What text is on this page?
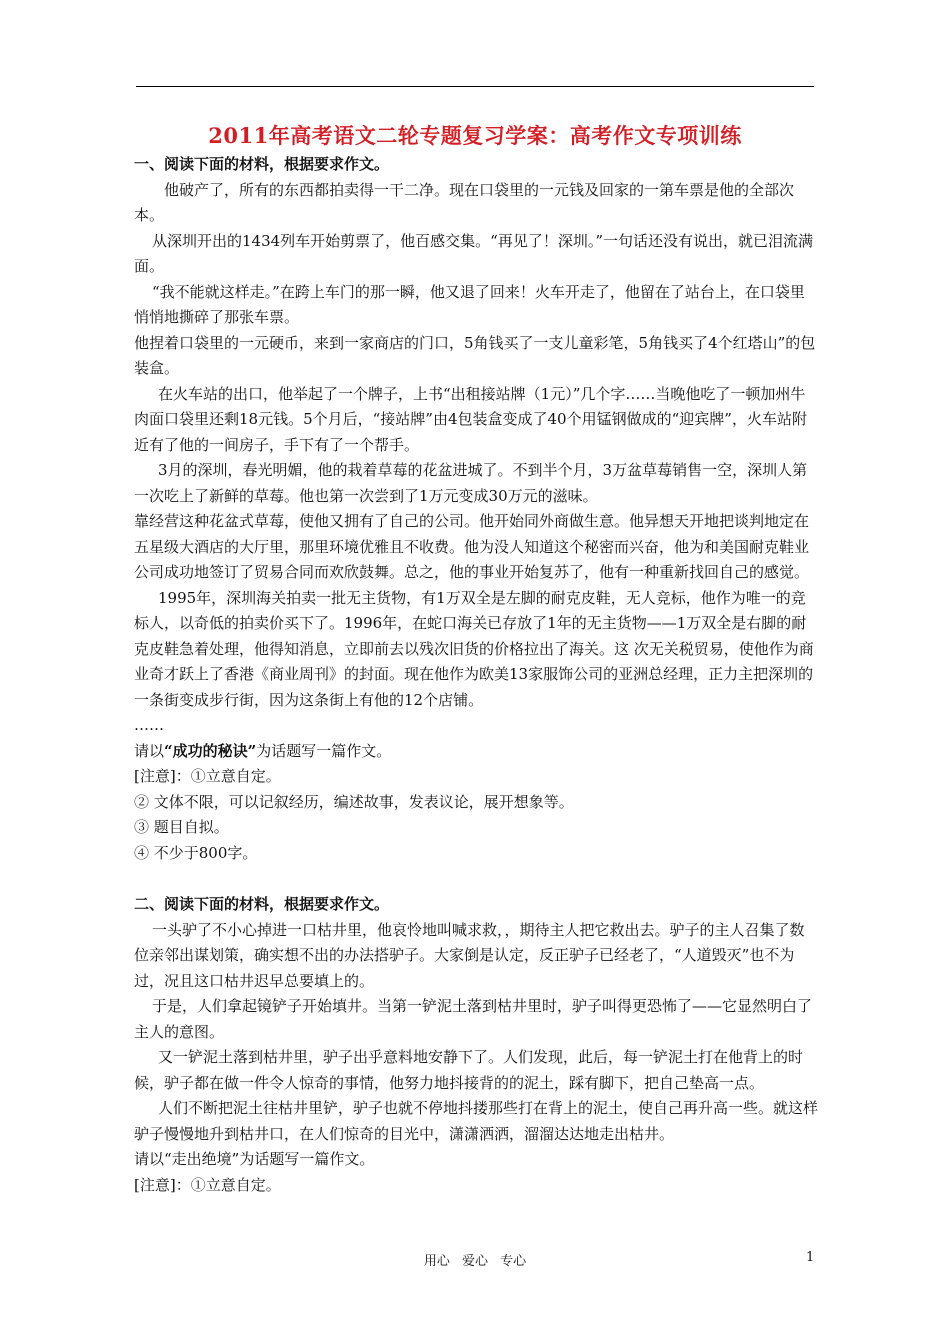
2011年高考语文二轮专题复习学案：高考作文专项训练

一、阅读下面的材料，根据要求作文。

他破产了，所有的东西都拍卖得一干二净。现在口袋里的一元钱及回家的一第车票是他的全部次本。

从深圳开出的1434列车开始剪票了，他百感交集。“再见了！深圳。”一句话还没有说出，就已泪流满面。

“我不能就这样走。”在跨上车门的那一瞬，他又退了回来！火车开走了，他留在了站台上，在口袋里悄悄地撕碎了那张车票。

他捏着口袋里的一元硬币，来到一家商店的门口，5角钱买了一支儿童彩笔，5角钱买了4个红塔山”的包装盒。

在火车站的出口，他举起了一个牌子，上书“出租接站牌（1元）”几个字……当晚他吃了一顿加州牛肉面口袋里还剩18元钱。5个月后，“接站牌”由4包装盒变成了40个用锰钢做成的“迎宾牌”，火车站附近有了他的一间房子，手下有了一个帮手。

3月的深圳，春光明媚，他的栽着草莓的花盆进城了。不到半个月，3万盆草莓销售一空，深圳人第一次吃上了新鲜的草莓。他也第一次尝到了1万元变成30万元的滋味。

靠经营这种花盆式草莓，使他又拥有了自己的公司。他开始同外商做生意。他异想天开地把谈判地定在五星级大酒店的大厅里，那里环境优雅且不收费。他为没人知道这个秘密而兴奋，他为和美国耐克鞋业公司成功地签订了贸易合同而欢欣鼓舞。总之，他的事业开始复苏了，他有一种重新找回自己的感觉。

1995年，深圳海关拍卖一批无主货物，有1万双全是左脚的耐克皮鞋，无人竞标，他作为唯一的竞标人，以奇低的拍卖价买下了。1996年，在蛇口海关已存放了1年的无主货物——1万双全是右脚的耐克皮鞋急着处理，他得知消息，立即前去以残次旧货的价格拉出了海关。这 次无关税贸易，使他作为商业奇才跃上了香港《商业周刊》的封面。现在他作为欧美13家服饰公司的亚洲总经理，正力主把深圳的一条街变成步行街，因为这条街上有他的12个店铺。

……

请以“成功的秘诀”为话题写一篇作文。

[注意]：①立意自定。

② 文体不限，可以记叙经历，编述故事，发表议论，展开想象等。

③ 题目自拟。

④ 不少于800字。

二、阅读下面的材料，根据要求作文。

一头驴了不小心掉进一口枯井里，他哀怜地叫喊求救，，期待主人把它救出去。驴子的主人召集了数位亲邻出谋划策，确实想不出的办法搭驴子。大家倒是认定，反正驴子已经老了，“人道毁灭”也不为过，况且这口枯井迟早总要填上的。

于是，人们拿起镜铲子开始填井。当第一铲泥土落到枯井里时，驴子叫得更恐怖了——它显然明白了主人的意图。

又一铲泥土落到枯井里，驴子出乎意料地安静下了。人们发现，此后，每一铲泥土打在他背上的时候，驴子都在做一件令人惊奇的事情，他努力地抖接背的的泥土，踩有脚下，把自己垫高一点。

人们不断把泥土往枯井里铲，驴子也就不停地抖搂那些打在背上的泥土，使自己再升高一些。就这样驴子慢慢地升到枯井口，在人们惊奇的目光中，潇潇洒洒，溜溜达达地走出枯井。

请以“走出绝境”为话题写一篇作文。

[注意]：①立意自定。

用心 爱心 专心	1
